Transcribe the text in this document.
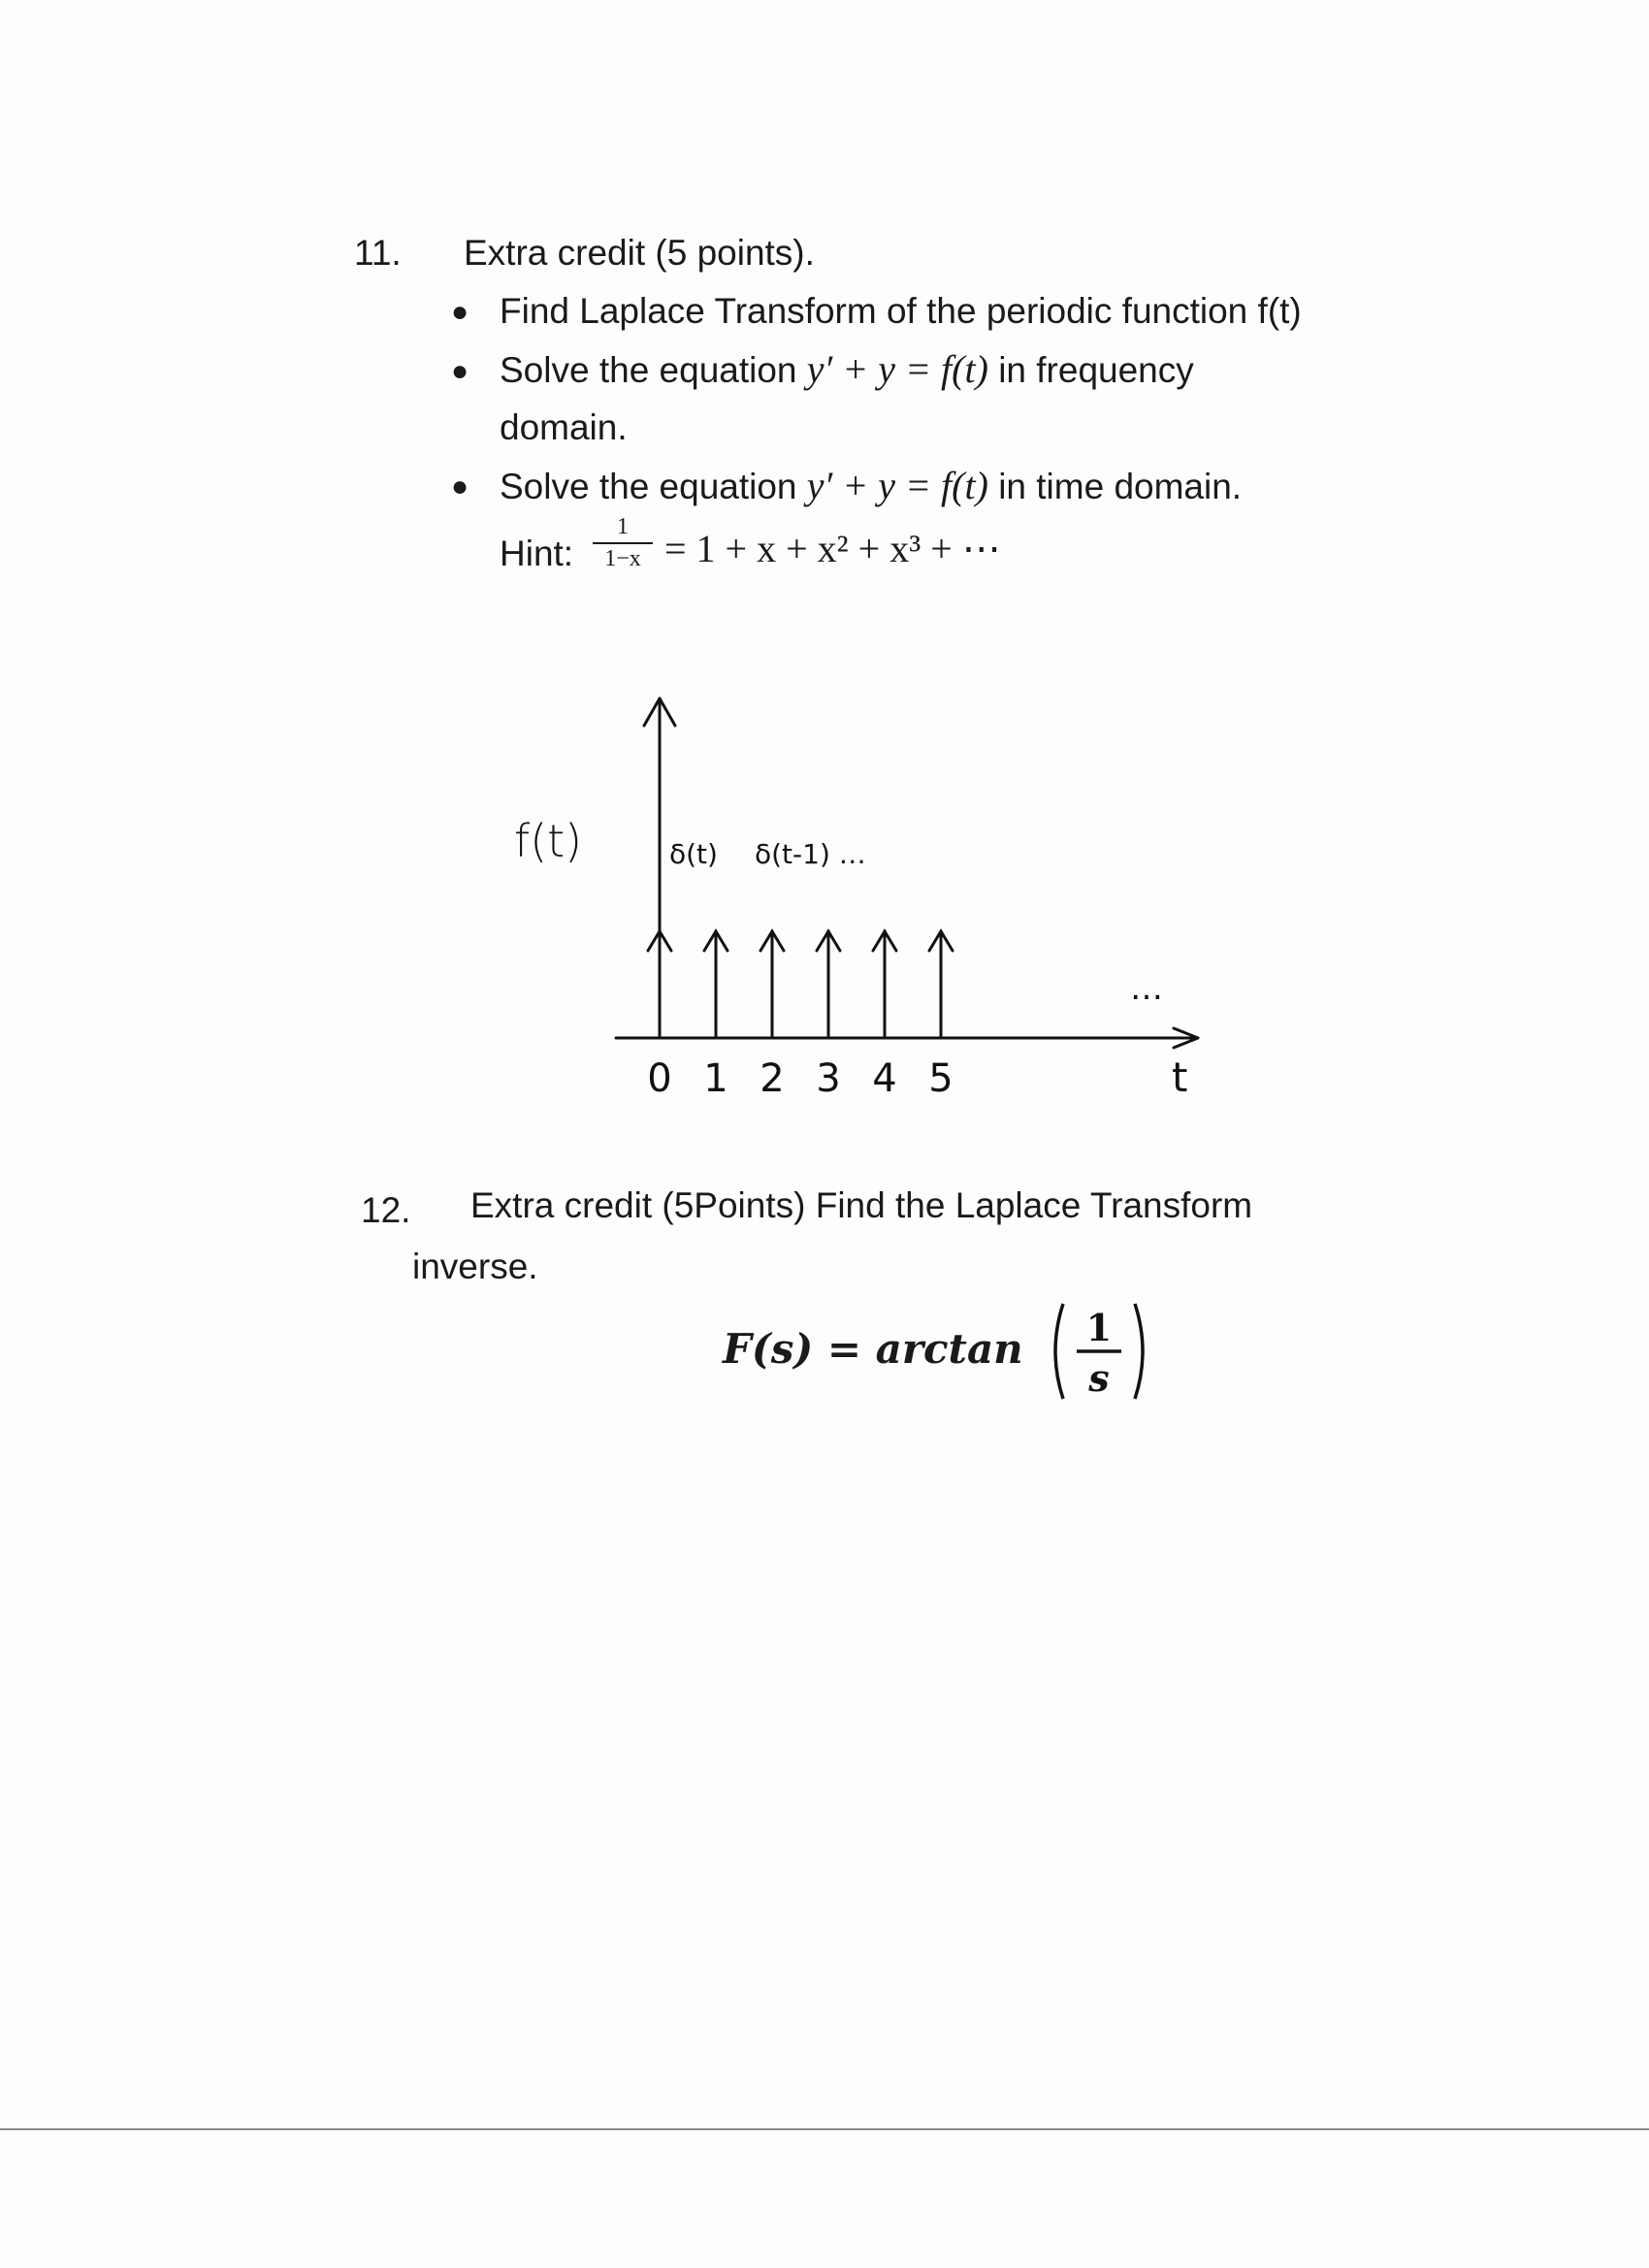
11. Extra credit (5 points).
● Find Laplace Transform of the periodic function f(t)
● Solve the equation y′ + y = f(t) in frequency
domain.
● Solve the equation y′ + y = f(t) in time domain.
Hint:
1
1−x = 1 + x + x² + x³ + ⋯
0 1 2 3 4 5
f(t)	δ(t) δ(t-1) …
…
t
12. Extra credit (5Points) Find the Laplace Transform
inverse.
F(s) = arctan 1
s
